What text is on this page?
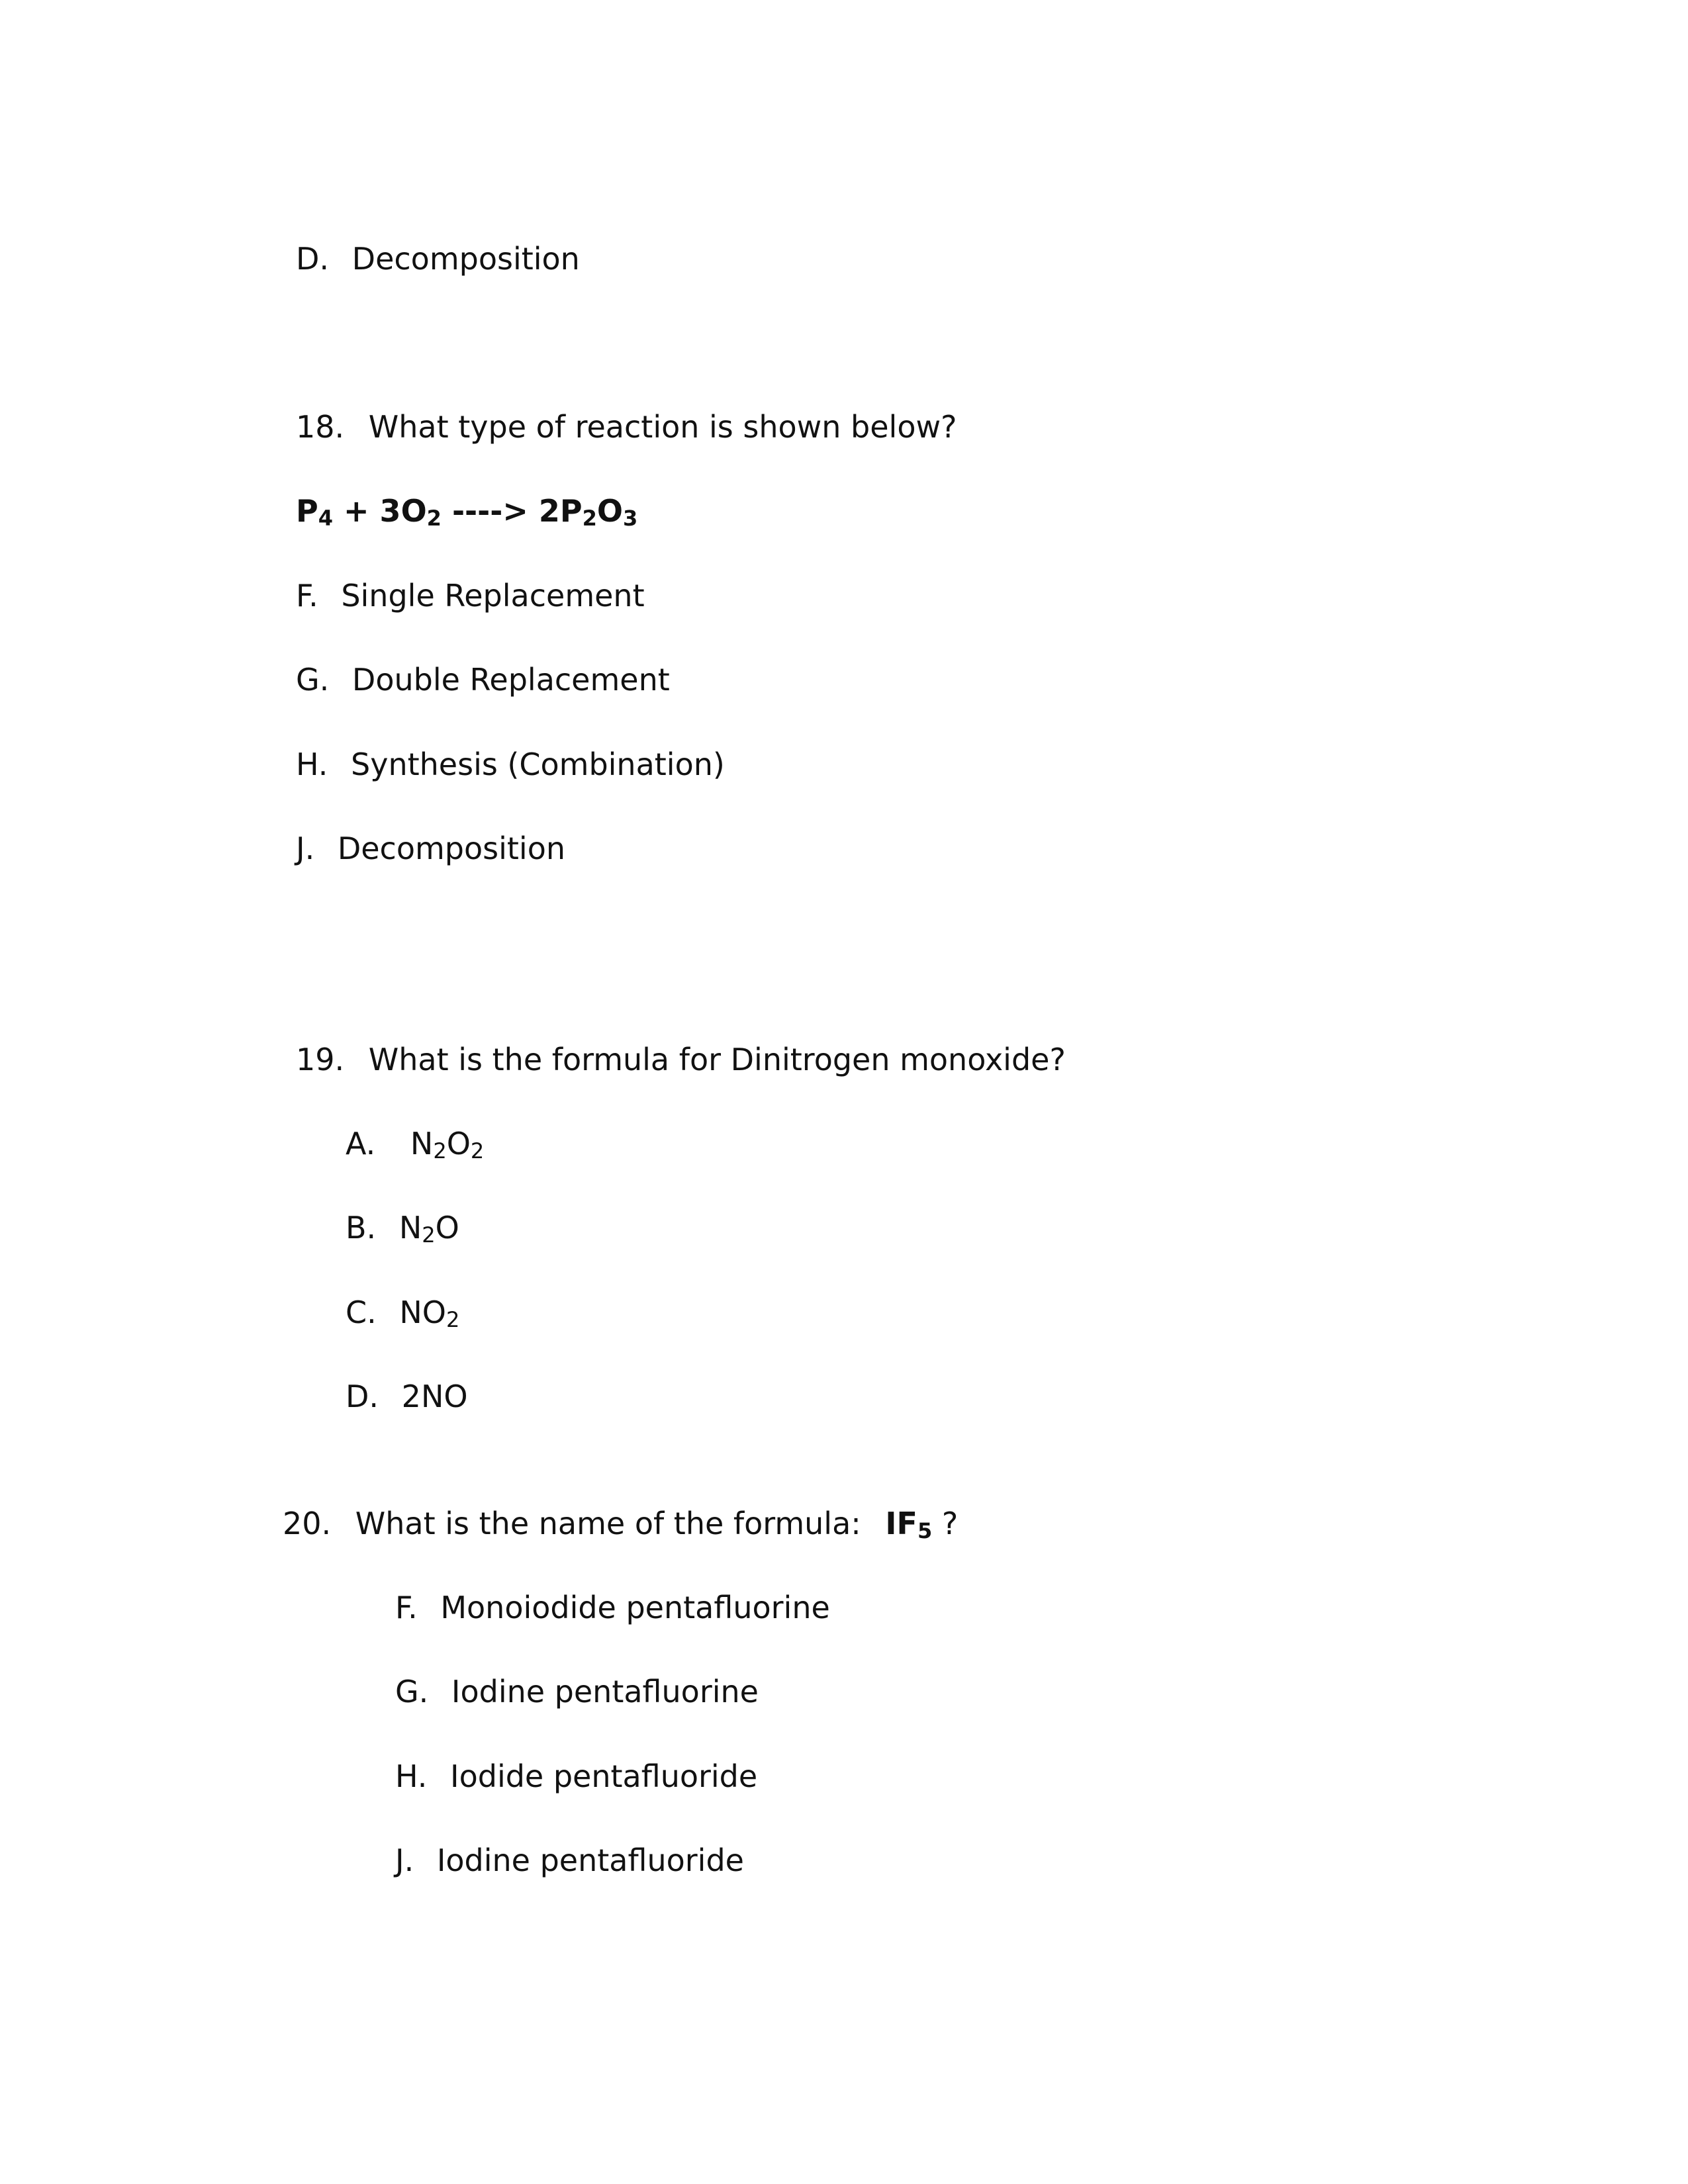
D. Decomposition
18. What type of reaction is shown below?
$P_4 + 3O_2$ ----> $2P_2O_3$
F. Single Replacement
G. Double Replacement
H. Synthesis (Combination)
J. Decomposition
19. What is the formula for Dinitrogen monoxide?
A. $N_2O_2$
B. $N_2O$
C. $NO_2$
D. 2NO
20. What is the name of the formula: $IF_5$ ?
F. Monoiodide pentafluorine
G. Iodine pentafluorine
H. Iodide pentafluoride
J. Iodine pentafluoride
